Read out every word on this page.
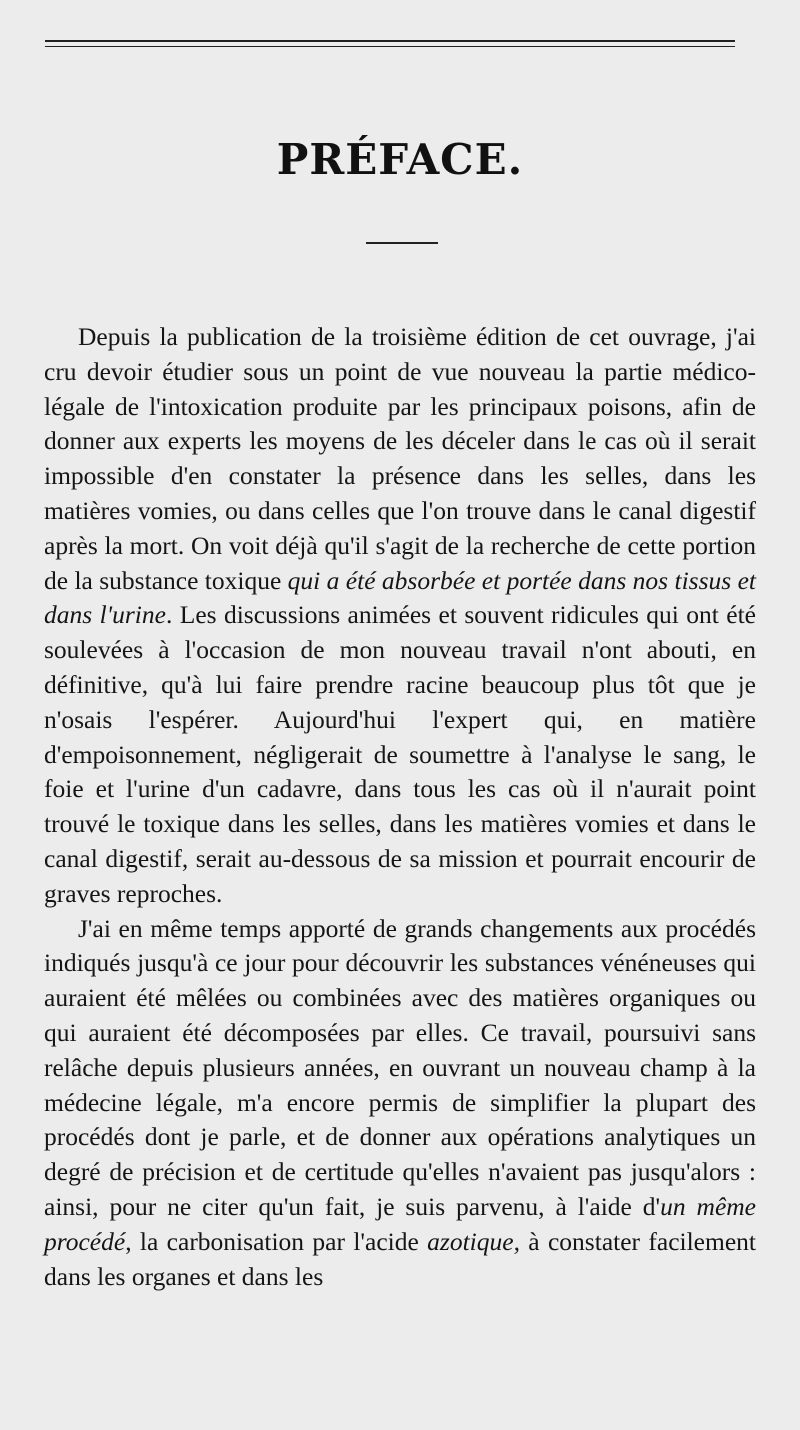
PRÉFACE.

Depuis la publication de la troisième édition de cet ouvrage, j'ai cru devoir étudier sous un point de vue nouveau la partie médico-légale de l'intoxication produite par les principaux poisons, afin de donner aux experts les moyens de les déceler dans le cas où il serait impossible d'en constater la présence dans les selles, dans les matières vomies, ou dans celles que l'on trouve dans le canal digestif après la mort. On voit déjà qu'il s'agit de la recherche de cette portion de la substance toxique qui a été absorbée et portée dans nos tissus et dans l'urine. Les discussions animées et souvent ridicules qui ont été soulevées à l'occasion de mon nouveau travail n'ont abouti, en définitive, qu'à lui faire prendre racine beaucoup plus tôt que je n'osais l'espérer. Aujourd'hui l'expert qui, en matière d'empoisonnement, négligerait de soumettre à l'analyse le sang, le foie et l'urine d'un cadavre, dans tous les cas où il n'aurait point trouvé le toxique dans les selles, dans les matières vomies et dans le canal digestif, serait au-dessous de sa mission et pourrait encourir de graves reproches.

J'ai en même temps apporté de grands changements aux procédés indiqués jusqu'à ce jour pour découvrir les substances vénéneuses qui auraient été mêlées ou combinées avec des matières organiques ou qui auraient été décomposées par elles. Ce travail, poursuivi sans relâche depuis plusieurs années, en ouvrant un nouveau champ à la médecine légale, m'a encore permis de simplifier la plupart des procédés dont je parle, et de donner aux opérations analytiques un degré de précision et de certitude qu'elles n'avaient pas jusqu'alors : ainsi, pour ne citer qu'un fait, je suis parvenu, à l'aide d'un même procédé, la carbonisation par l'acide azotique, à constater facilement dans les organes et dans les
